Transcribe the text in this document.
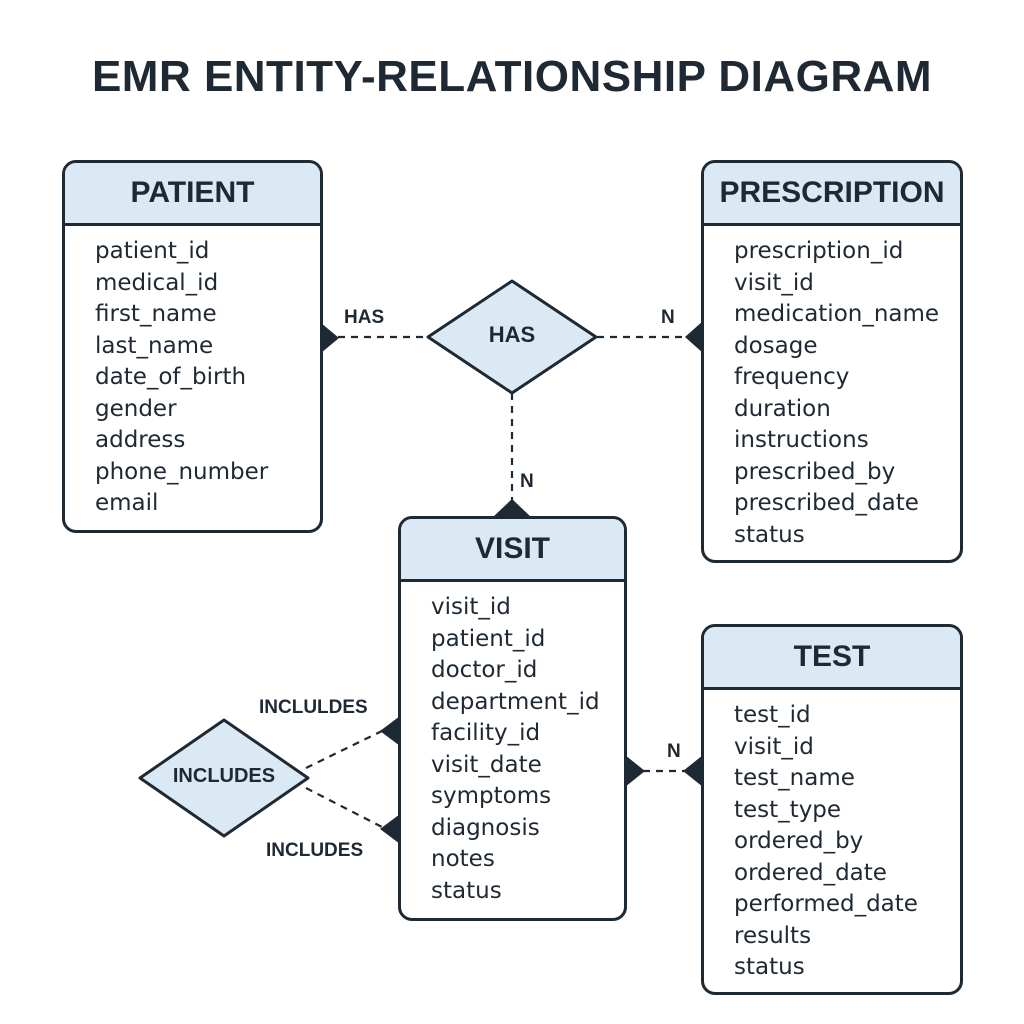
EMR ENTITY-RELATIONSHIP DIAGRAM
PATIENT
patient_id
medical_id
first_name
last_name
date_of_birth
gender
address
phone_number
email
PRESCRIPTION
prescription_id
visit_id
medication_name
dosage
frequency
duration
instructions
prescribed_by
prescribed_date
status
VISIT
visit_id
patient_id
doctor_id
department_id
facility_id
visit_date
symptoms
diagnosis
notes
status
TEST
test_id
visit_id
test_name
test_type
ordered_by
ordered_date
performed_date
results
status
HAS
INCLUDES
HAS	N
N
N
INCLULDES
INCLUDES
